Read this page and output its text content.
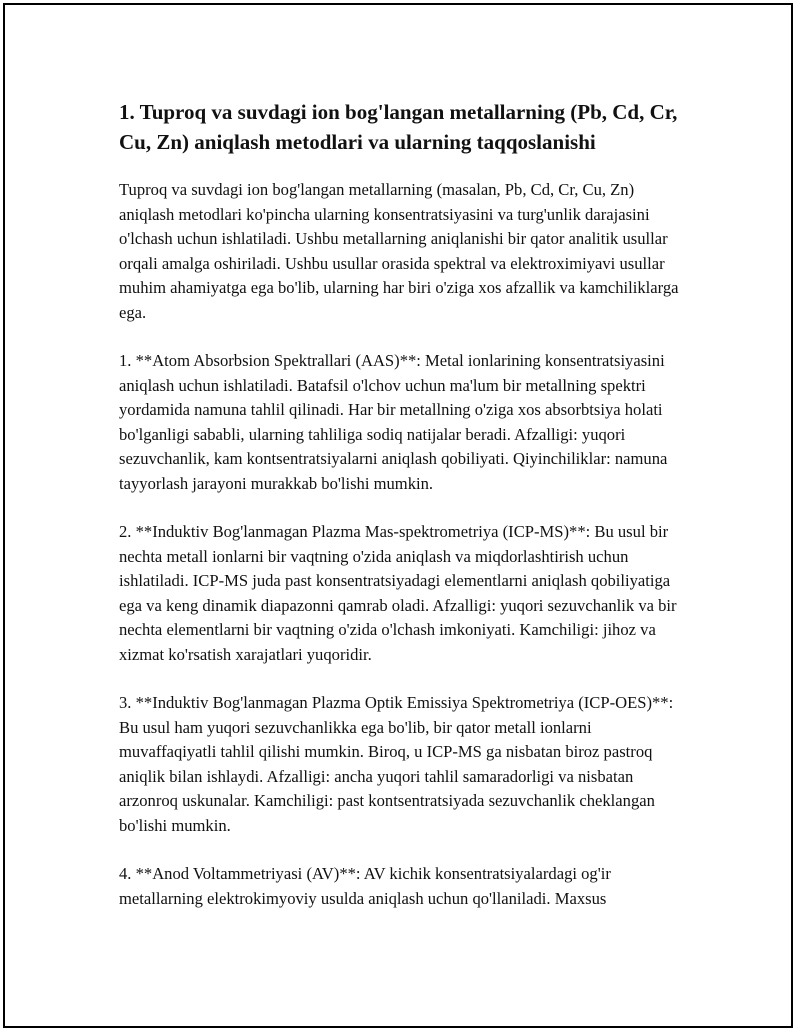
1. Tuproq va suvdagi ion bog'langan metallarning (Pb, Cd, Cr, Cu, Zn) aniqlash metodlari va ularning taqqoslanishi

Tuproq va suvdagi ion bog'langan metallarning (masalan, Pb, Cd, Cr, Cu, Zn) aniqlash metodlari ko'pincha ularning konsentratsiyasini va turg'unlik darajasini o'lchash uchun ishlatiladi. Ushbu metallarning aniqlanishi bir qator analitik usullar orqali amalga oshiriladi. Ushbu usullar orasida spektral va elektroximiyavi usullar muhim ahamiyatga ega bo'lib, ularning har biri o'ziga xos afzallik va kamchiliklarga ega.

1. **Atom Absorbsion Spektrallari (AAS)**: Metal ionlarining konsentratsiyasini aniqlash uchun ishlatiladi. Batafsil o'lchov uchun ma'lum bir metallning spektri yordamida namuna tahlil qilinadi. Har bir metallning o'ziga xos absorbtsiya holati bo'lganligi sababli, ularning tahliliga sodiq natijalar beradi. Afzalligi: yuqori sezuvchanlik, kam kontsentratsiyalarni aniqlash qobiliyati. Qiyinchiliklar: namuna tayyorlash jarayoni murakkab bo'lishi mumkin.

2. **Induktiv Bog'lanmagan Plazma Mas-spektrometriya (ICP-MS)**: Bu usul bir nechta metall ionlarni bir vaqtning o'zida aniqlash va miqdorlashtirish uchun ishlatiladi. ICP-MS juda past konsentratsiyadagi elementlarni aniqlash qobiliyatiga ega va keng dinamik diapazonni qamrab oladi. Afzalligi: yuqori sezuvchanlik va bir nechta elementlarni bir vaqtning o'zida o'lchash imkoniyati. Kamchiligi: jihoz va xizmat ko'rsatish xarajatlari yuqoridir.

3. **Induktiv Bog'lanmagan Plazma Optik Emissiya Spektrometriya (ICP-OES)**: Bu usul ham yuqori sezuvchanlikka ega bo'lib, bir qator metall ionlarni muvaffaqiyatli tahlil qilishi mumkin. Biroq, u ICP-MS ga nisbatan biroz pastroq aniqlik bilan ishlaydi. Afzalligi: ancha yuqori tahlil samaradorligi va nisbatan arzonroq uskunalar. Kamchiligi: past kontsentratsiyada sezuvchanlik cheklangan bo'lishi mumkin.

4. **Anod Voltammetriyasi (AV)**: AV kichik konsentratsiyalardagi og'ir metallarning elektrokimyoviy usulda aniqlash uchun qo'llaniladi. Maxsus
